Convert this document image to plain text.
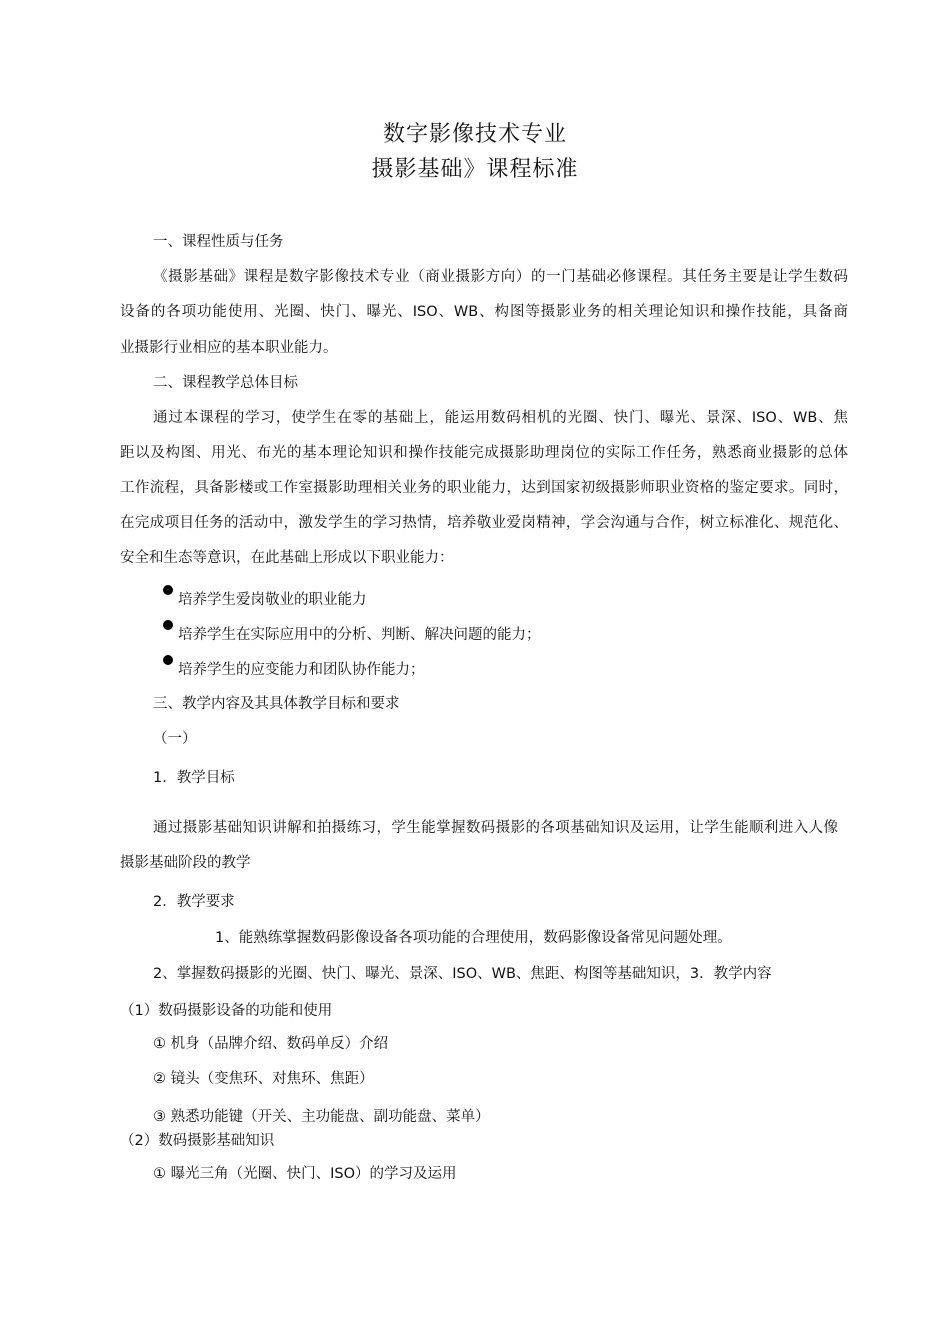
数字影像技术专业
摄影基础》课程标准
一、课程性质与任务
《摄影基础》课程是数字影像技术专业（商业摄影方向）的一门基础必修课程。其任务主要是让学生数码
设备的各项功能使用、光圈、快门、曝光、ISO、WB、构图等摄影业务的相关理论知识和操作技能，具备商
业摄影行业相应的基本职业能力。
二、课程教学总体目标
通过本课程的学习，使学生在零的基础上，能运用数码相机的光圈、快门、曝光、景深、ISO、WB、焦
距以及构图、用光、布光的基本理论知识和操作技能完成摄影助理岗位的实际工作任务，熟悉商业摄影的总体
工作流程，具备影楼或工作室摄影助理相关业务的职业能力，达到国家初级摄影师职业资格的鉴定要求。同时，
在完成项目任务的活动中，激发学生的学习热情，培养敬业爱岗精神，学会沟通与合作，树立标准化、规范化、
安全和生态等意识，在此基础上形成以下职业能力：
培养学生爱岗敬业的职业能力
培养学生在实际应用中的分析、判断、解决问题的能力；
培养学生的应变能力和团队协作能力；
三、教学内容及其具体教学目标和要求
（一）
1．教学目标
通过摄影基础知识讲解和拍摄练习，学生能掌握数码摄影的各项基础知识及运用，让学生能顺利进入人像
摄影基础阶段的教学
2．教学要求
1、能熟练掌握数码影像设备各项功能的合理使用，数码影像设备常见问题处理。
2、掌握数码摄影的光圈、快门、曝光、景深、ISO、WB、焦距、构图等基础知识，3．教学内容
（1）数码摄影设备的功能和使用
① 机身（品牌介绍、数码单反）介绍
② 镜头（变焦环、对焦环、焦距）
③ 熟悉功能键（开关、主功能盘、副功能盘、菜单）
（2）数码摄影基础知识
① 曝光三角（光圈、快门、ISO）的学习及运用
